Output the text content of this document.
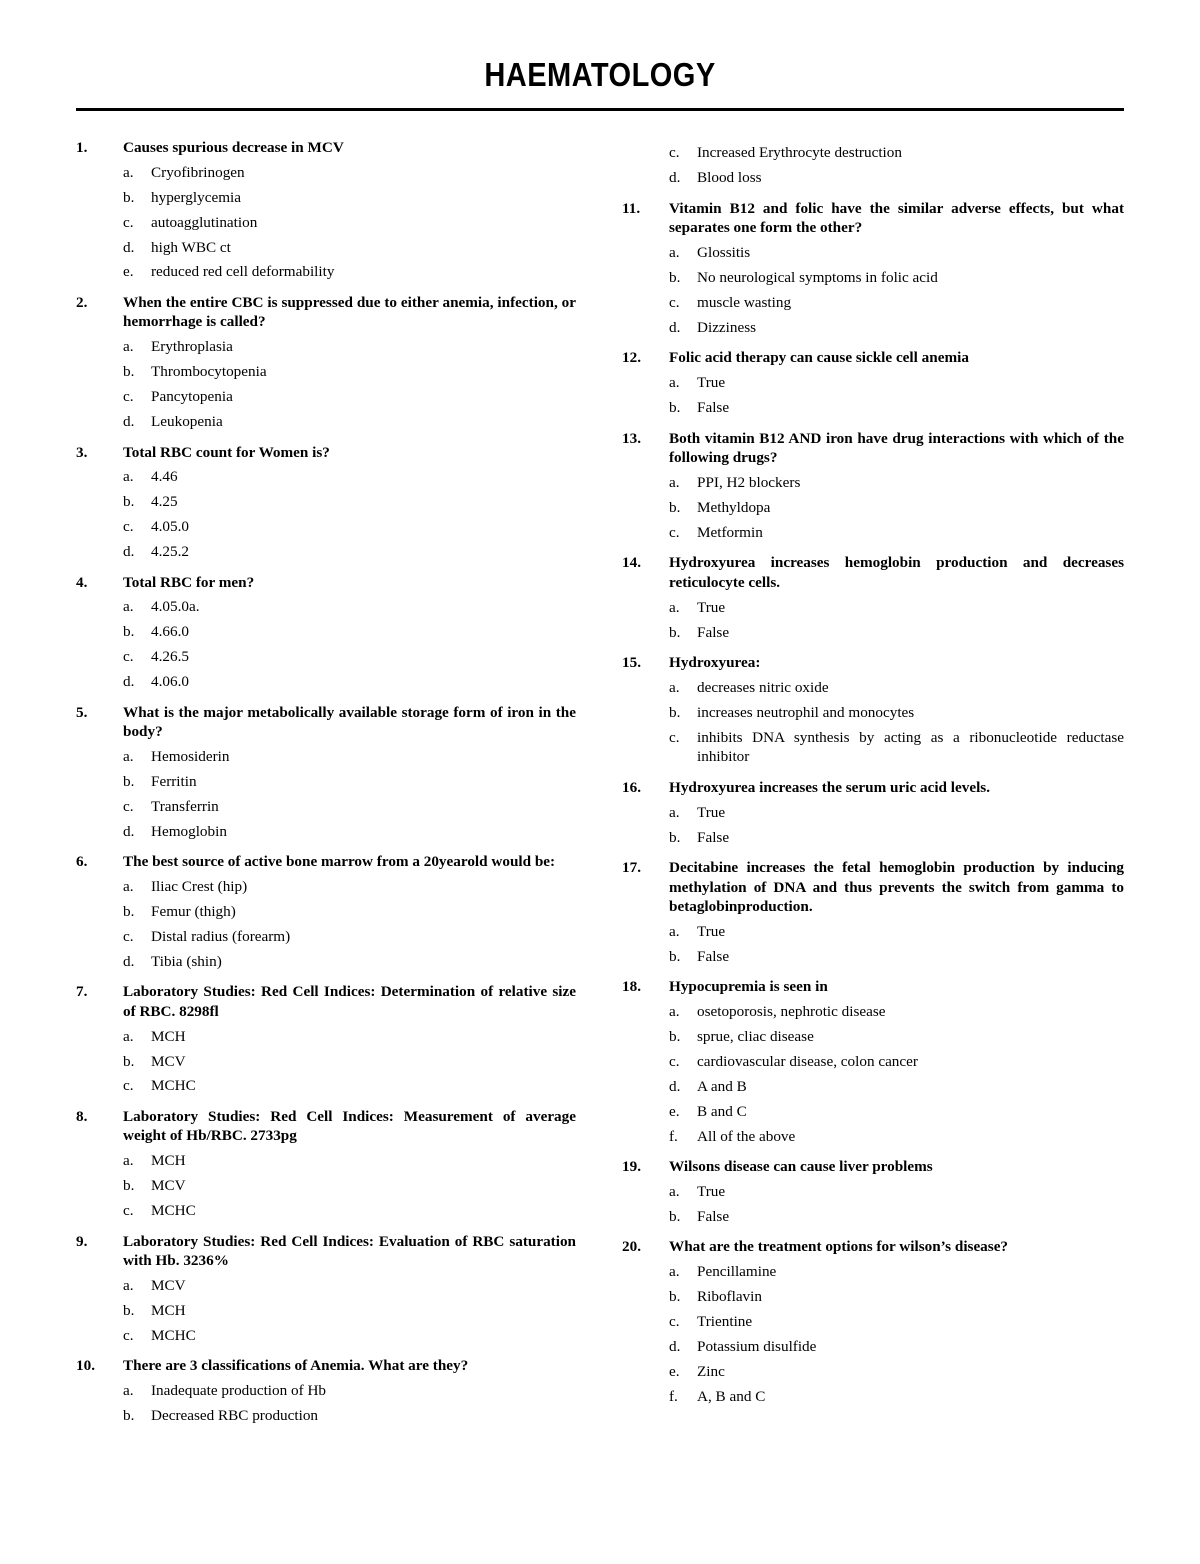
HAEMATOLOGY
1.	Causes spurious decrease in MCV
a.	Cryofibrinogen
b.	hyperglycemia
c.	autoagglutination
d.	high WBC ct
e.	reduced red cell deformability
2.	When the entire CBC is suppressed due to either anemia, infection, or hemorrhage is called?
a.	Erythroplasia
b.	Thrombocytopenia
c.	Pancytopenia
d.	Leukopenia
3.	Total RBC count for Women is?
a.	4.46
b.	4.25
c.	4.05.0
d.	4.25.2
4.	Total RBC for men?
a.	4.05.0a.
b.	4.66.0
c.	4.26.5
d.	4.06.0
5.	What is the major metabolically available storage form of iron in the body?
a.	Hemosiderin
b.	Ferritin
c.	Transferrin
d.	Hemoglobin
6.	The best source of active bone marrow from a 20yearold would be:
a.	Iliac Crest (hip)
b.	Femur (thigh)
c.	Distal radius (forearm)
d.	Tibia (shin)
7.	Laboratory Studies: Red Cell Indices: Determination of relative size of RBC. 8298fl
a.	MCH
b.	MCV
c.	MCHC
8.	Laboratory Studies: Red Cell Indices: Measurement of average weight of Hb/RBC. 2733pg
a.	MCH
b.	MCV
c.	MCHC
9.	Laboratory Studies: Red Cell Indices: Evaluation of RBC saturation with Hb. 3236%
a.	MCV
b.	MCH
c.	MCHC
10.	There are 3 classifications of Anemia. What are they?
a.	Inadequate production of Hb
b.	Decreased RBC production
c.	Increased Erythrocyte destruction
d.	Blood loss
11.	Vitamin B12 and folic have the similar adverse effects, but what separates one form the other?
a.	Glossitis
b.	No neurological symptoms in folic acid
c.	muscle wasting
d.	Dizziness
12.	Folic acid therapy can cause sickle cell anemia
a.	True
b.	False
13.	Both vitamin B12 AND iron have drug interactions with which of the following drugs?
a.	PPI, H2 blockers
b.	Methyldopa
c.	Metformin
14.	Hydroxyurea increases hemoglobin production and decreases reticulocyte cells.
a.	True
b.	False
15.	Hydroxyurea:
a.	decreases nitric oxide
b.	increases neutrophil and monocytes
c.	inhibits DNA synthesis by acting as a ribonucleotide reductase inhibitor
16.	Hydroxyurea increases the serum uric acid levels.
a.	True
b.	False
17.	Decitabine increases the fetal hemoglobin production by inducing methylation of DNA and thus prevents the switch from gamma to betaglobinproduction.
a.	True
b.	False
18.	Hypocupremia is seen in
a.	osetoporosis, nephrotic disease
b.	sprue, cliac disease
c.	cardiovascular disease, colon cancer
d.	A and B
e.	B and C
f.	All of the above
19.	Wilsons disease can cause liver problems
a.	True
b.	False
20.	What are the treatment options for wilson’s disease?
a.	Pencillamine
b.	Riboflavin
c.	Trientine
d.	Potassium disulfide
e.	Zinc
f.	A, B and C
